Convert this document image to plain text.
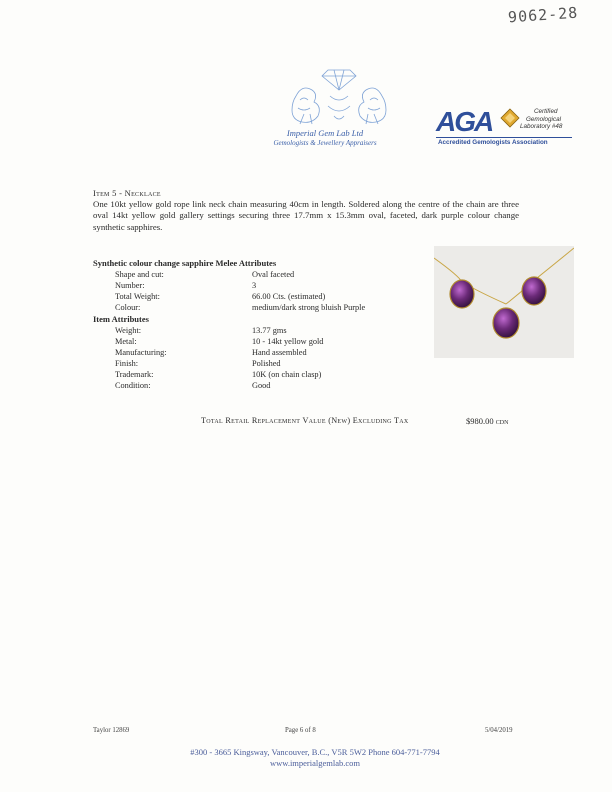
9062-28
Imperial Gem Lab Ltd
Gemologists & Jewellery Appraisers
AGA	Certified
Gemological
Laboratory #48
Accredited Gemologists Association
Item 5 - Necklace
One 10kt yellow gold rope link neck chain measuring 40cm in length. Soldered along the centre of the chain are three oval 14kt yellow gold gallery settings securing three 17.7mm x 15.3mm oval, faceted, dark purple colour change synthetic sapphires.
Synthetic colour change sapphire Melee Attributes
Shape and cut:	Oval faceted
Number:	3
Total Weight:	66.00 Cts. (estimated)
Colour:	medium/dark strong bluish Purple
Item Attributes
Weight:	13.77 gms
Metal:	10 - 14kt yellow gold
Manufacturing:	Hand assembled
Finish:	Polished
Trademark:	10K (on chain clasp)
Condition:	Good
Total Retail Replacement Value (New) Excluding Tax	$980.00 CDN
Taylor 12869	Page 6 of 8	5/04/2019
#300 - 3665 Kingsway, Vancouver, B.C., V5R 5W2 Phone 604-771-7794
www.imperialgemlab.com
